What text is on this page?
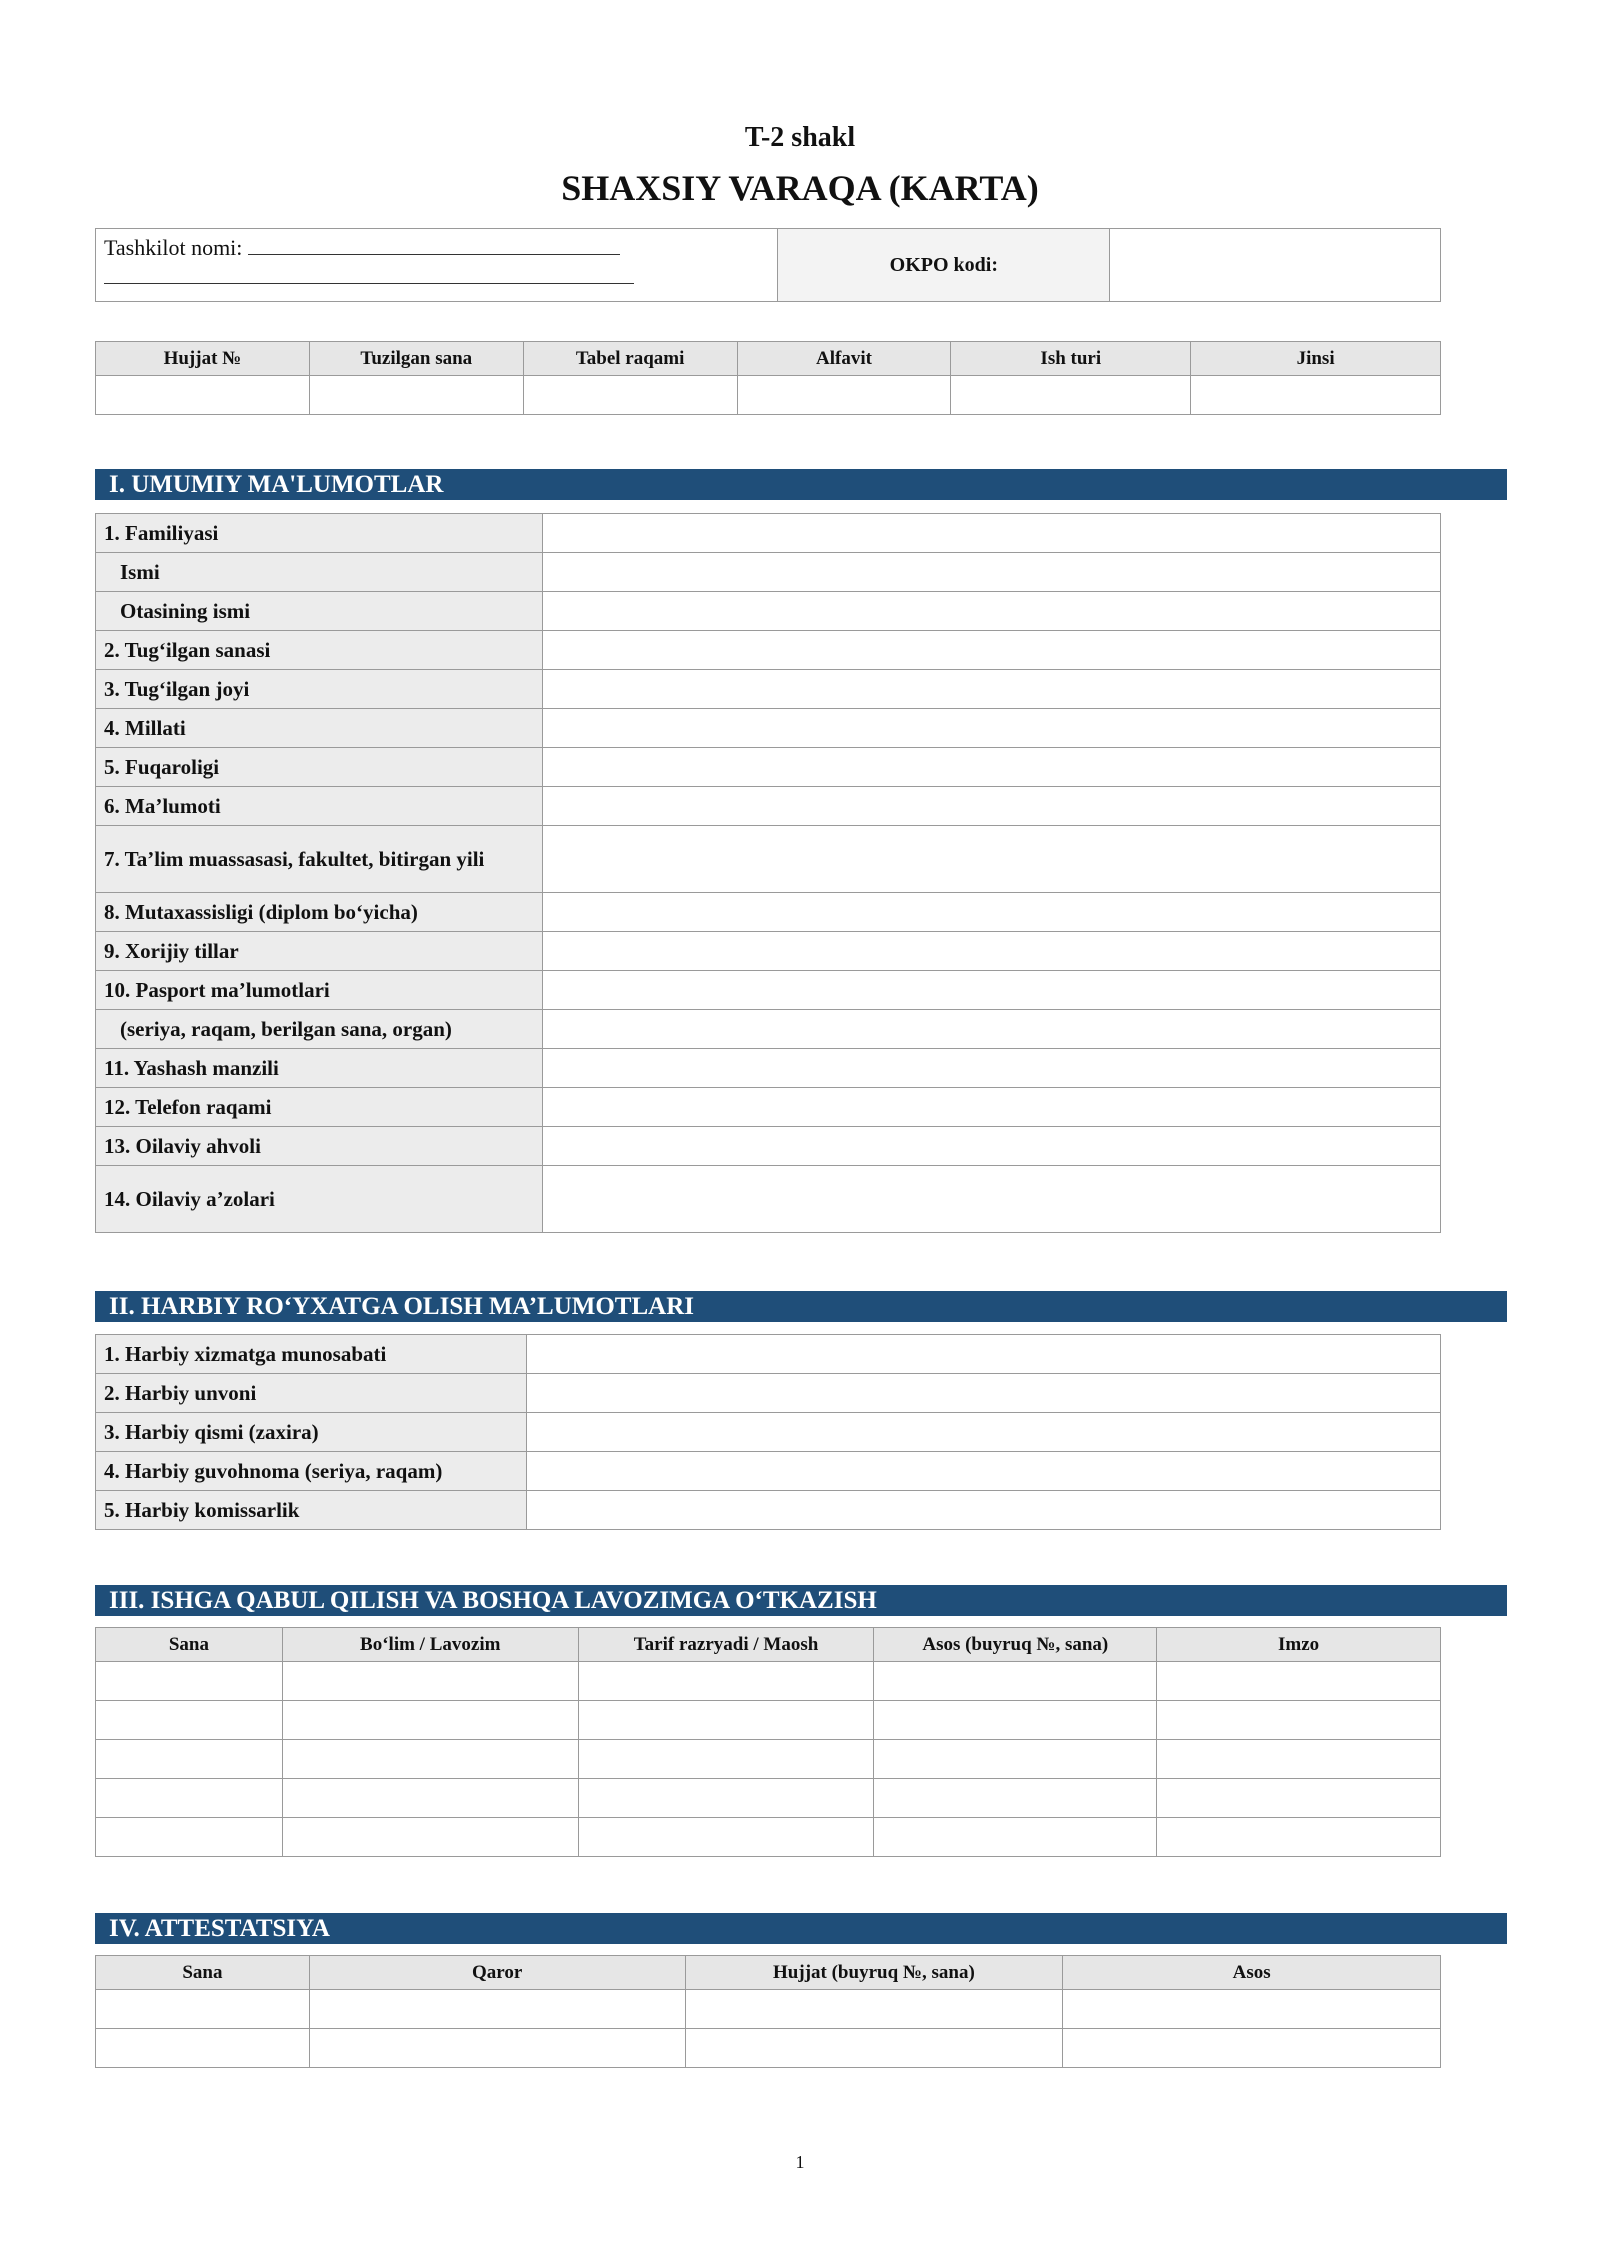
T-2 shakl
SHAXSIY VARAQA (KARTA)
Tashkilot nomi:
	OKPO kodi:	
Hujjat №	Tuzilgan sana	Tabel raqami	Alfavit	Ish turi	Jinsi

I. UMUMIY MA'LUMOTLAR
1. Familiyasi	
Ismi	
Otasining ismi	
2. Tug‘ilgan sanasi	
3. Tug‘ilgan joyi	
4. Millati	
5. Fuqaroligi	
6. Ma’lumoti	
7. Ta’lim muassasasi, fakultet, bitirgan yili	
8. Mutaxassisligi (diplom bo‘yicha)	
9. Xorijiy tillar	
10. Pasport ma’lumotlari	
(seriya, raqam, berilgan sana, organ)	
11. Yashash manzili	
12. Telefon raqami	
13. Oilaviy ahvoli	
14. Oilaviy a’zolari	
II. HARBIY RO‘YXATGA OLISH MA’LUMOTLARI
1. Harbiy xizmatga munosabati	
2. Harbiy unvoni	
3. Harbiy qismi (zaxira)	
4. Harbiy guvohnoma (seriya, raqam)	
5. Harbiy komissarlik	
III. ISHGA QABUL QILISH VA BOSHQA LAVOZIMGA O‘TKAZISH
Sana	Bo‘lim / Lavozim	Tarif razryadi / Maosh	Asos (buyruq №, sana)	Imzo

IV. ATTESTATSIYA
Sana	Qaror	Hujjat (buyruq №, sana)	Asos

1
